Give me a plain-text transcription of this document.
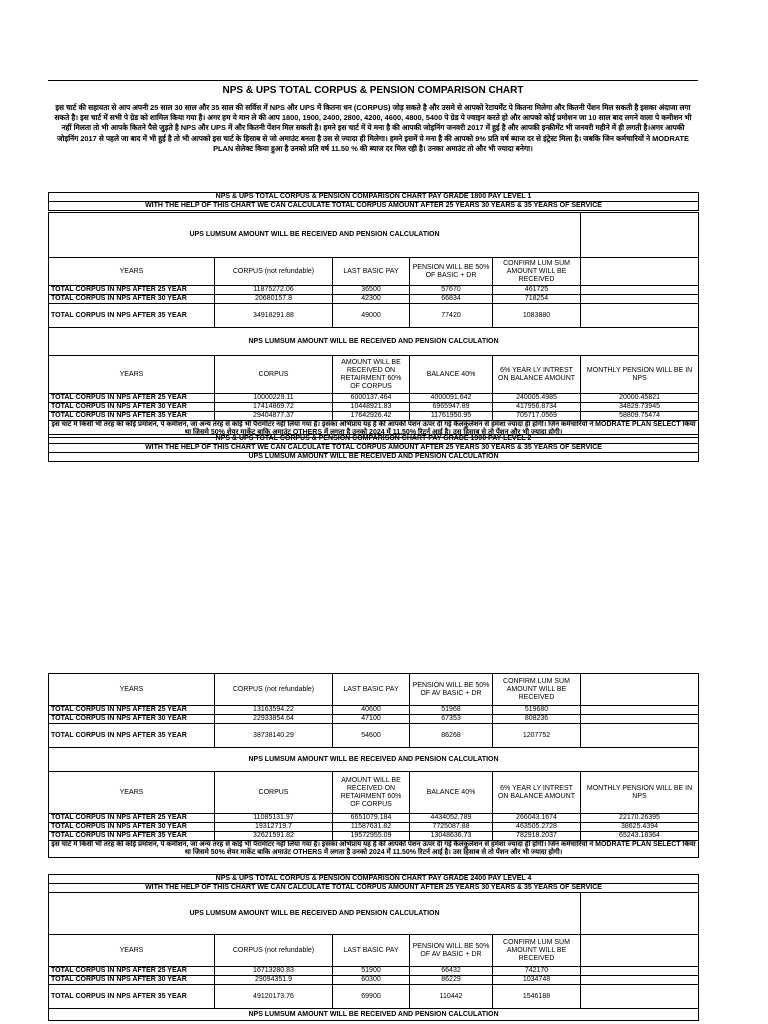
NPS & UPS TOTAL CORPUS & PENSION COMPARISON CHART
इस चार्ट की सहायता से आप अपनी 25 साल 30 साल और 35 साल की सर्विस में NPS और UPS में कितना धन (CORPUS) जोड़ सकते है और उसमे से आपको रेटायर्मेंट पे कितना मिलेगा और कितनी पेंशन मिल सकती है इसका अंदाजा लगा सकते है। इस चार्ट में सभी पे ग्रेड को शामिल किया गया है। अगर हम ये मान ले की आप 1800, 1900, 2400, 2800, 4200, 4600, 4800, 5400 पे ग्रेड पे ज्वाइन करते हो और आपको कोई प्रमोशन जा 10 साल बाद लगने वाला पे कमीशन भी नहीं मिलता तो भी आपके कितने पैसे जुड़ते है NPS और UPS में और कितनी पेंशन मिल सकती है। हमने इस चार्ट में ये मना है की आपकी जोइनिंग जनवरी 2017 में हुई है और आपकी इन्क्रीमेंट भी जनवरी महीने में ही लगती है।अगर आपकी जोइनिंग 2017 से पहले जा बाद में भी हुई है तो भी आपको इस चार्ट के हिसाब से जो अमाउंट बनता है उस से ज्यादा ही मिलेगा। हमने इसमें ये मना है की आपको 9% प्रति वर्ष ब्याज दर से इंट्रेस्ट मिला है। जबकि जिन कर्मचारियों ने MODRATE PLAN सेलेक्ट किया हुआ है उनको प्रति वर्ष 11.50 % की ब्याज दर मिल रही है। उनका अमाउंट तो और भी ज्यादा बनेगा।
NPS & UPS TOTAL CORPUS & PENSION COMPARISON CHART PAY GRADE 1800 PAY LEVEL 1
WITH THE HELP OF THIS CHART WE CAN CALCULATE TOTAL CORPUS AMOUNT AFTER 25 YEARS 30 YEARS & 35 YEARS OF SERVICE
UPS LUMSUM AMOUNT WILL BE RECEIVED AND PENSION CALCULATION					
YEARS	CORPUS (not refundable)	LAST BASIC PAY	PENSION WILL BE 50% OF BASIC + DR	CONFIRM LUM SUM AMOUNT WILL BE RECEIVED	
TOTAL CORPUS IN NPS AFTER 25 YEAR	11875272.06	36500	57670	461725	
TOTAL CORPUS IN NPS AFTER 30 YEAR	20680157.8	42300	66834	718254	
TOTAL CORPUS IN NPS AFTER 35 YEAR	34918291.88	49000	77420	1083880	
NPS LUMSUM AMOUNT WILL BE RECEIVED AND PENSION CALCULATION					
YEARS	CORPUS	AMOUNT WILL BE RECEIVED ON RETAIRMENT 60% OF CORPUS	BALANCE 40%	6% YEAR LY INTREST ON BALANCE AMOUNT	MONTHLY PENSION WILL BE IN NPS
TOTAL CORPUS IN NPS AFTER 25 YEAR	10000229.11	6000137.464	4000091.642	240005.4985	20000.45821
TOTAL CORPUS IN NPS AFTER 30 YEAR	17414869.72	10448921.83	6965947.89	417956.8734	34829.73945
TOTAL CORPUS IN NPS AFTER 35 YEAR	29404877.37	17642926.42	11761950.95	705717.0569	58809.75474

इस चार्ट में किसी भी तरह की कोई प्रमोशन, पे कमीशन, जा अन्य तरह से कोई भी पैरामीटर नहीं लिया गया है। इसका अभिप्राय यह है की आपकी पेंशन ऊपर दी गई कैलकुलेशन से हमेशा ज्यादा ही होगी। जिन कर्मचारियों ने MODRATE PLAN SELECT किया था जिसमे 50% शेयर मार्केट बाकि अमाउंट OTHERS में लगता है उनको 2024 में 11.50% रिटर्न आई है। उस हिसाब से तो पेंशन और भी ज्यादा होगी।					
NPS & UPS TOTAL CORPUS & PENSION COMPARISON CHART PAY GRADE 1900 PAY LEVEL 2
WITH THE HELP OF THIS CHART WE CAN CALCULATE TOTAL CORPUS AMOUNT AFTER 25 YEARS 30 YEARS & 35 YEARS OF SERVICE
UPS LUMSUM AMOUNT WILL BE RECEIVED AND PENSION CALCULATION
YEARS	CORPUS (not refundable)	LAST BASIC PAY	PENSION WILL BE 50% OF AV BASIC + DR	CONFIRM LUM SUM AMOUNT WILL BE RECEIVED	
TOTAL CORPUS IN NPS AFTER 25 YEAR	13163594.22	40600	51968	519680	
TOTAL CORPUS IN NPS AFTER 30 YEAR	22933854.64	47100	67353	808236	
TOTAL CORPUS IN NPS AFTER 35 YEAR	38738140.29	54600	86268	1207752	
NPS LUMSUM AMOUNT WILL BE RECEIVED AND PENSION CALCULATION					
YEARS	CORPUS	AMOUNT WILL BE RECEIVED ON RETAIRMENT 60% OF CORPUS	BALANCE 40%	6% YEAR LY INTREST ON BALANCE AMOUNT	MONTHLY PENSION WILL BE IN NPS
TOTAL CORPUS IN NPS AFTER 25 YEAR	11085131.97	6651079.184	4434052.789	266043.1674	22170.26395
TOTAL CORPUS IN NPS AFTER 30 YEAR	19312719.7	11587631.82	7725087.88	463505.2728	38625.4394
TOTAL CORPUS IN NPS AFTER 35 YEAR	32621591.82	19572955.09	13048636.73	782918.2037	65243.18364

इस चार्ट में किसी भी तरह की कोई प्रमोशन, पे कमीशन, जा अन्य तरह से कोई भी पैरामीटर नहीं लिया गया है। इसका अभिप्राय यह है की आपकी पेंशन ऊपर दी गई कैलकुलेशन से हमेशा ज्यादा ही होगी। जिन कर्मचारियों ने MODRATE PLAN SELECT किया था जिसमे 50% शेयर मार्केट बाकि अमाउंट OTHERS में लगता है उनको 2024 में 11.50% रिटर्न आई है। उस हिसाब से तो पेंशन और भी ज्यादा होगी।					
NPS & UPS TOTAL CORPUS & PENSION COMPARISON CHART PAY GRADE 2400 PAY LEVEL 4					
WITH THE HELP OF THIS CHART WE CAN CALCULATE TOTAL CORPUS AMOUNT AFTER 25 YEARS 30 YEARS & 35 YEARS OF SERVICE					
UPS LUMSUM AMOUNT WILL BE RECEIVED AND PENSION CALCULATION					
YEARS	CORPUS (not refundable)	LAST BASIC PAY	PENSION WILL BE 50% OF AV BASIC + DR	CONFIRM LUM SUM AMOUNT WILL BE RECEIVED	
TOTAL CORPUS IN NPS AFTER 25 YEAR	16713280.83	51900	66432	742170	
TOTAL CORPUS IN NPS AFTER 30 YEAR	29094351.9	60300	86229	1034748	
TOTAL CORPUS IN NPS AFTER 35 YEAR	49120173.76	69900	110442	1546188	
NPS LUMSUM AMOUNT WILL BE RECEIVED AND PENSION CALCULATION					
